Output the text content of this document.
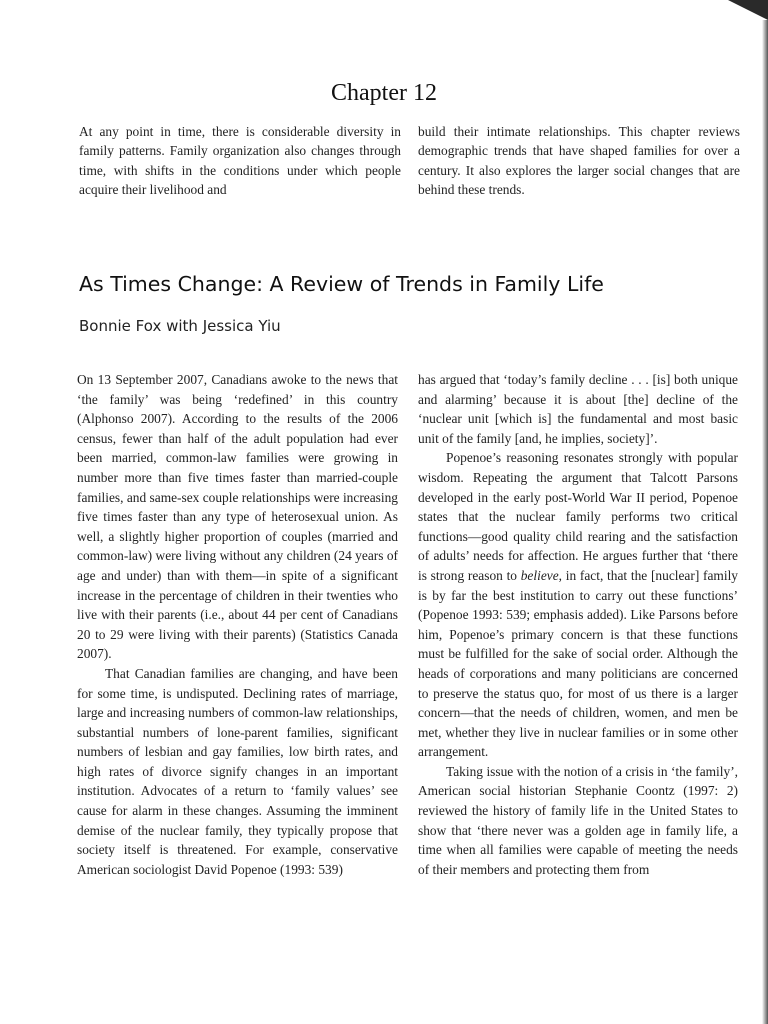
Chapter 12
At any point in time, there is considerable diversity in family patterns. Family organization also changes through time, with shifts in the conditions under which people acquire their livelihood and
build their intimate relationships. This chapter reviews demographic trends that have shaped families for over a century. It also explores the larger social changes that are behind these trends.
As Times Change: A Review of Trends in Family Life
Bonnie Fox with Jessica Yiu

On 13 September 2007, Canadians awoke to the news that ‘the family’ was being ‘redefined’ in this country (Alphonso 2007). According to the results of the 2006 census, fewer than half of the adult population had ever been married, common-law families were growing in number more than five times faster than married-couple families, and same-sex couple relationships were increasing five times faster than any type of heterosexual union. As well, a slightly higher proportion of couples (married and common-law) were living without any children (24 years of age and under) than with them—in spite of a significant increase in the percentage of children in their twenties who live with their parents (i.e., about 44 per cent of Canadians 20 to 29 were living with their parents) (Statistics Canada 2007).

That Canadian families are changing, and have been for some time, is undisputed. Declining rates of marriage, large and increasing numbers of common-law relationships, substantial numbers of lone-parent families, significant numbers of lesbian and gay families, low birth rates, and high rates of divorce signify changes in an important institution. Advocates of a return to ‘family values’ see cause for alarm in these changes. Assuming the imminent demise of the nuclear family, they typically propose that society itself is threatened. For example, conservative American sociologist David Popenoe (1993: 539)

has argued that ‘today’s family decline . . . [is] both unique and alarming’ because it is about [the] decline of the ‘nuclear unit [which is] the fundamental and most basic unit of the family [and, he implies, society]’.

Popenoe’s reasoning resonates strongly with popular wisdom. Repeating the argument that Talcott Parsons developed in the early post-World War II period, Popenoe states that the nuclear family performs two critical functions—good quality child rearing and the satisfaction of adults’ needs for affection. He argues further that ‘there is strong reason to believe, in fact, that the [nuclear] family is by far the best institution to carry out these functions’ (Popenoe 1993: 539; emphasis added). Like Parsons before him, Popenoe’s primary concern is that these functions must be fulfilled for the sake of social order. Although the heads of corporations and many politicians are concerned to preserve the status quo, for most of us there is a larger concern—that the needs of children, women, and men be met, whether they live in nuclear families or in some other arrangement.

Taking issue with the notion of a crisis in ‘the family’, American social historian Stephanie Coontz (1997: 2) reviewed the history of family life in the United States to show that ‘there never was a golden age in family life, a time when all families were capable of meeting the needs of their members and protecting them from
